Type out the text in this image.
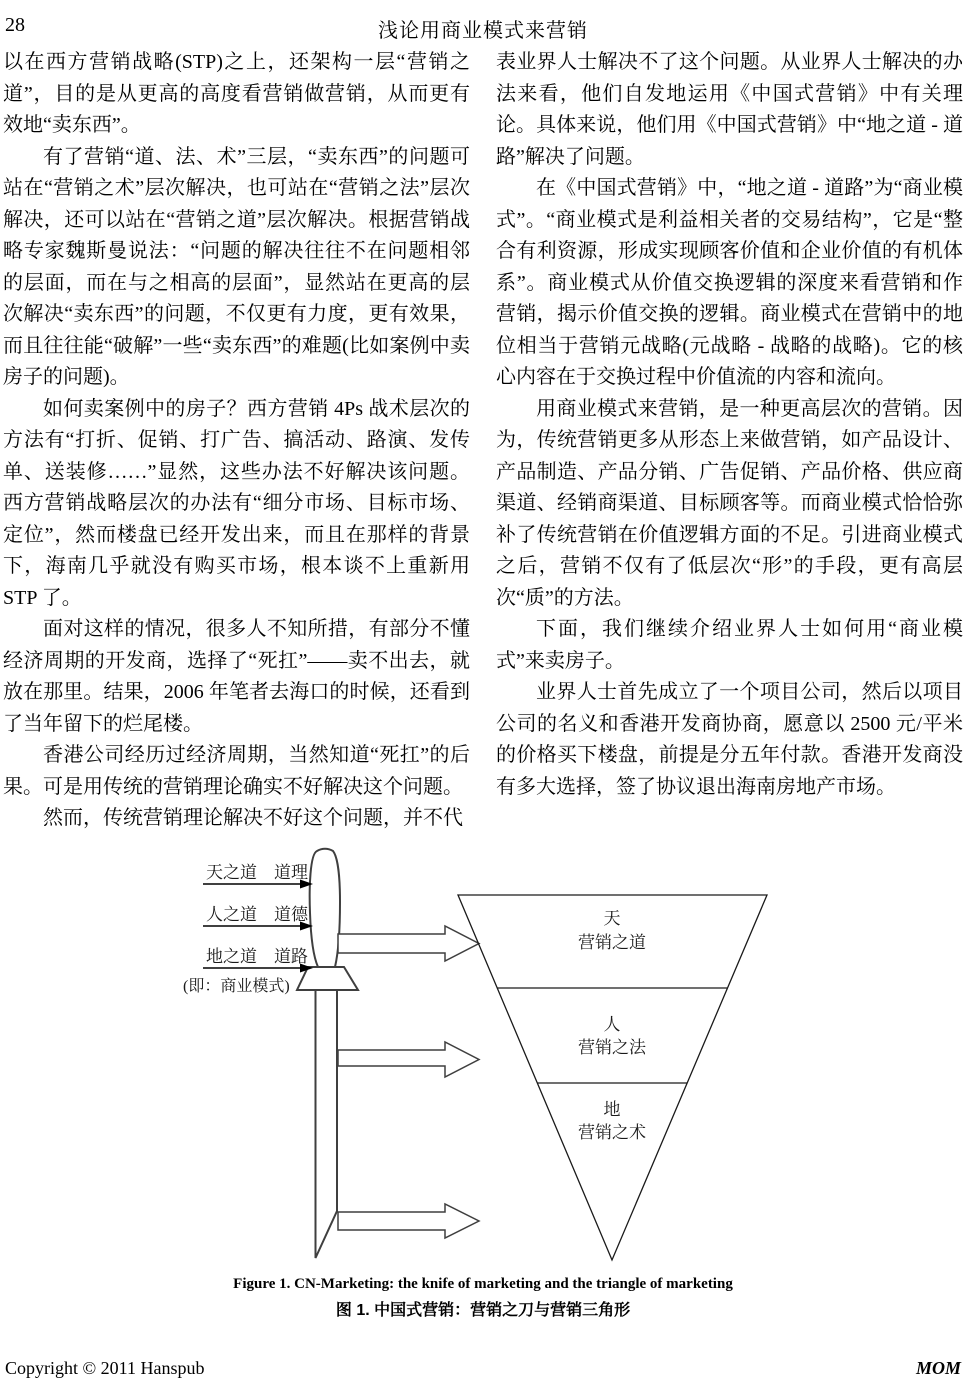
28	浅论用商业模式来营销

以在西方营销战略(STP)之上，还架构一层“营销之道”，目的是从更高的高度看营销做营销，从而更有效地“卖东西”。

有了营销“道、法、术”三层，“卖东西”的问题可站在“营销之术”层次解决，也可站在“营销之法”层次解决，还可以站在“营销之道”层次解决。根据营销战略专家魏斯曼说法：“问题的解决往往不在问题相邻的层面，而在与之相高的层面”，显然站在更高的层次解决“卖东西”的问题，不仅更有力度，更有效果，而且往往能“破解”一些“卖东西”的难题(比如案例中卖房子的问题)。

如何卖案例中的房子？西方营销 4Ps 战术层次的方法有“打折、促销、打广告、搞活动、路演、发传单、送装修……”显然，这些办法不好解决该问题。西方营销战略层次的办法有“细分市场、目标市场、定位”，然而楼盘已经开发出来，而且在那样的背景下，海南几乎就没有购买市场，根本谈不上重新用 STP 了。

面对这样的情况，很多人不知所措，有部分不懂经济周期的开发商，选择了“死扛”——卖不出去，就放在那里。结果，2006 年笔者去海口的时候，还看到了当年留下的烂尾楼。

香港公司经历过经济周期，当然知道“死扛”的后果。可是用传统的营销理论确实不好解决这个问题。

然而，传统营销理论解决不好这个问题，并不代

表业界人士解决不了这个问题。从业界人士解决的办法来看，他们自发地运用《中国式营销》中有关理论。具体来说，他们用《中国式营销》中“地之道 - 道路”解决了问题。

在《中国式营销》中，“地之道 - 道路”为“商业模式”。“商业模式是利益相关者的交易结构”，它是“整合有利资源，形成实现顾客价值和企业价值的有机体系”。商业模式从价值交换逻辑的深度来看营销和作营销，揭示价值交换的逻辑。商业模式在营销中的地位相当于营销元战略(元战略 - 战略的战略)。它的核心内容在于交换过程中价值流的内容和流向。

用商业模式来营销，是一种更高层次的营销。因为，传统营销更多从形态上来做营销，如产品设计、产品制造、产品分销、广告促销、产品价格、供应商渠道、经销商渠道、目标顾客等。而商业模式恰恰弥补了传统营销在价值逻辑方面的不足。引进商业模式之后，营销不仅有了低层次“形”的手段，更有高层次“质”的方法。

下面，我们继续介绍业界人士如何用“商业模式”来卖房子。

业界人士首先成立了一个项目公司，然后以项目公司的名义和香港开发商协商，愿意以 2500 元/平米的价格买下楼盘，前提是分五年付款。香港开发商没有多大选择，签了协议退出海南房地产市场。

天之道　道理
人之道　道德
地之道　道路
(即：商业模式)
天
营销之道
人
营销之法
地
营销之术
Figure 1. CN-Marketing: the knife of marketing and the triangle of marketing
图 1. 中国式营销：营销之刀与营销三角形
Copyright © 2011 Hanspub	MOM
